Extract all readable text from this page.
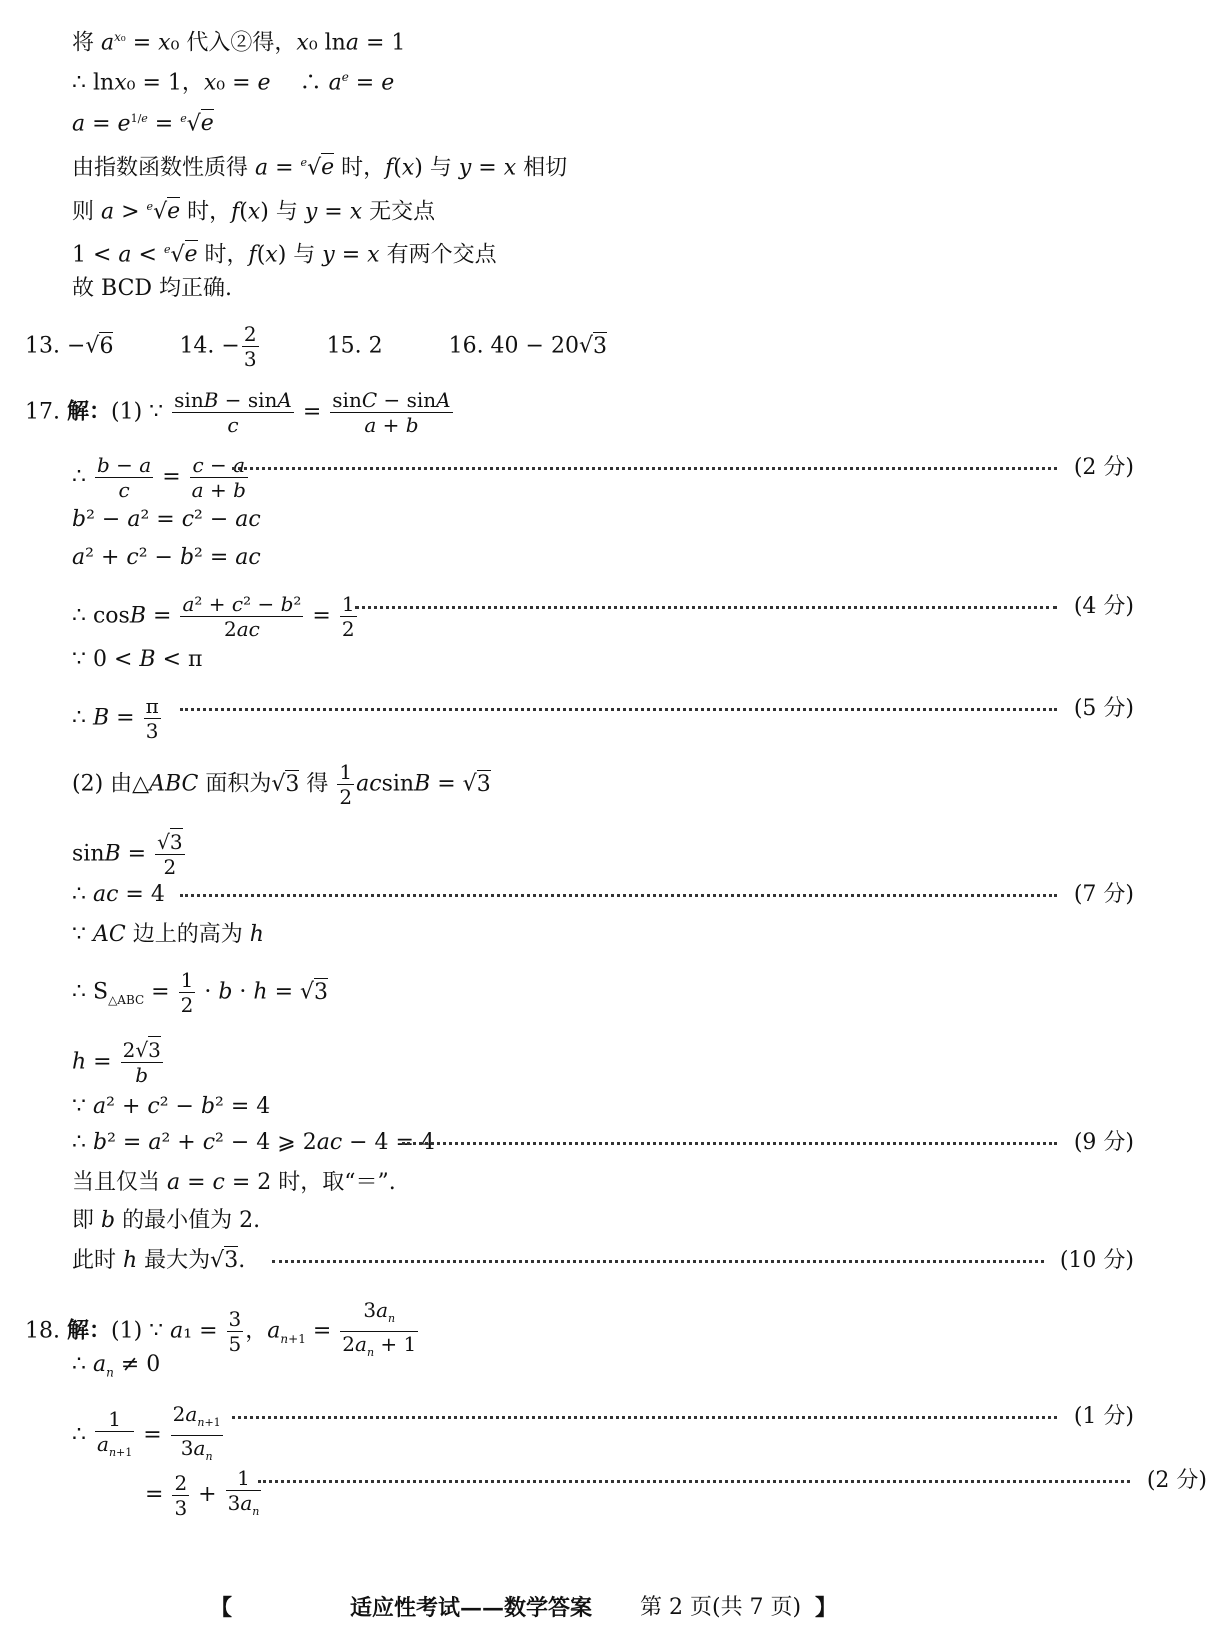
将 $a^{x_0} = x_0$ 代入②得，x₀ lna = 1
∴ lnx₀ = 1，x₀ = e　 ∴ $a^e = e$
$a = e^{1/e} = ^e√e$
由指数函数性质得 a = $^e$√e 时，f(x) 与 y = x 相切
则 a > $^e$√e 时，f(x) 与 y = x 无交点
1 < a < $^e$√e 时，f(x) 与 y = x 有两个交点
故 BCD 均正确.
13. −√6　　　14. − $\frac{2}{3}$ 　　　15. 2　　　16. 40 − 20√3
17. 解：(1) ∵ $\frac{\sin B - \sin A}{c} = \frac{\sin C - \sin A}{a + b}$
∴ $\frac{b - a}{c} = \frac{c - a}{a + b}$	(2 分)
b² − a² = c² − ac
a² + c² − b² = ac
∴ $\cos B = \frac{\text{a² + c² − b²}}{2ac} = \frac{1}{2}$	(4 分)
∵ 0 < B < π
∴ $B = \frac{\pi}{3}$	(5 分)
(2) 由△ABC 面积为√3 得 $\frac{1}{2}$ acsinB = √3
$\sin B = \frac{√3}{2}$
∴ ac = 4	(7 分)
∵ AC 边上的高为 h
∴ $S_{\triangle ABC} = \frac{1}{2} \cdot b \cdot h = √3$
$h = \frac{2√3}{b}$
∵ a² + c² − b² = 4
∴ b² = a² + c² − 4 ⩾ 2ac − 4 = 4	(9 分)
当且仅当 a = c = 2 时，取“＝”.
即 b 的最小值为 2.
此时 h 最大为√3.	(10 分)
18. 解：(1) ∵ $a_1 = \frac{3}{5}$ ，$a_{n+1} = \frac{3a_n}{2a_n + 1}$
∴ $a_n \ne 0$
∴ $\frac{1}{a_{n+1}} = \frac{2a_{n+1}}{3a_n}$	(1 分)
= $\frac{2}{3} + \frac{1}{3a_n}$	(2 分)
【	适应性考试——数学答案 第 2 页(共 7 页) 】
